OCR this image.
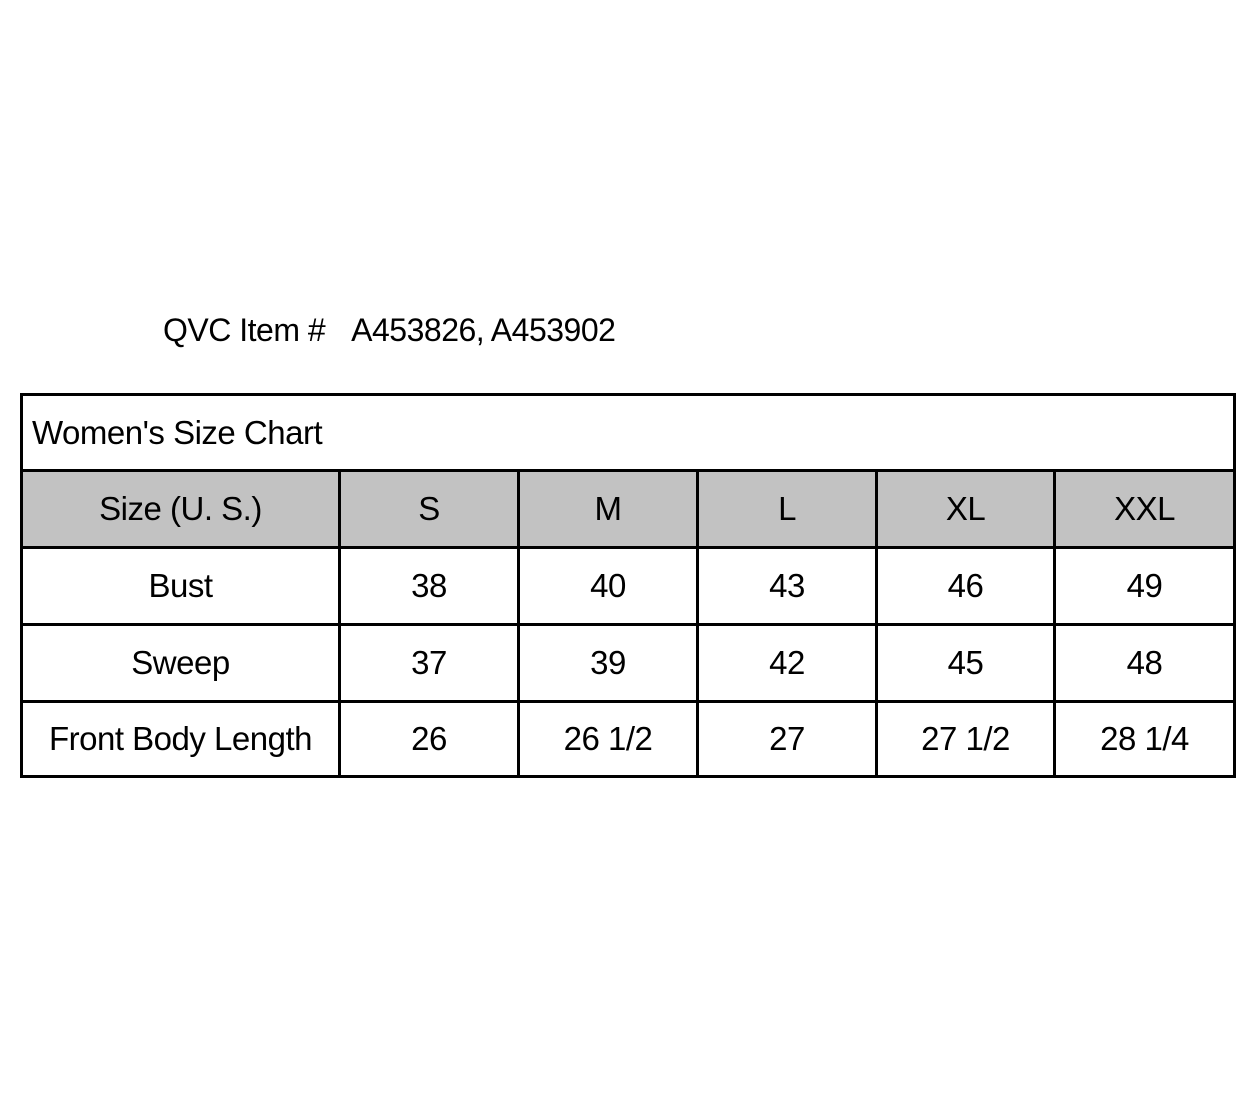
QVC Item # A453826, A453902
Women's Size Chart					
Size (U. S.)	S	M	L	XL	XXL
Bust	38	40	43	46	49
Sweep	37	39	42	45	48
Front Body Length	26	26 1/2	27	27 1/2	28 1/4
